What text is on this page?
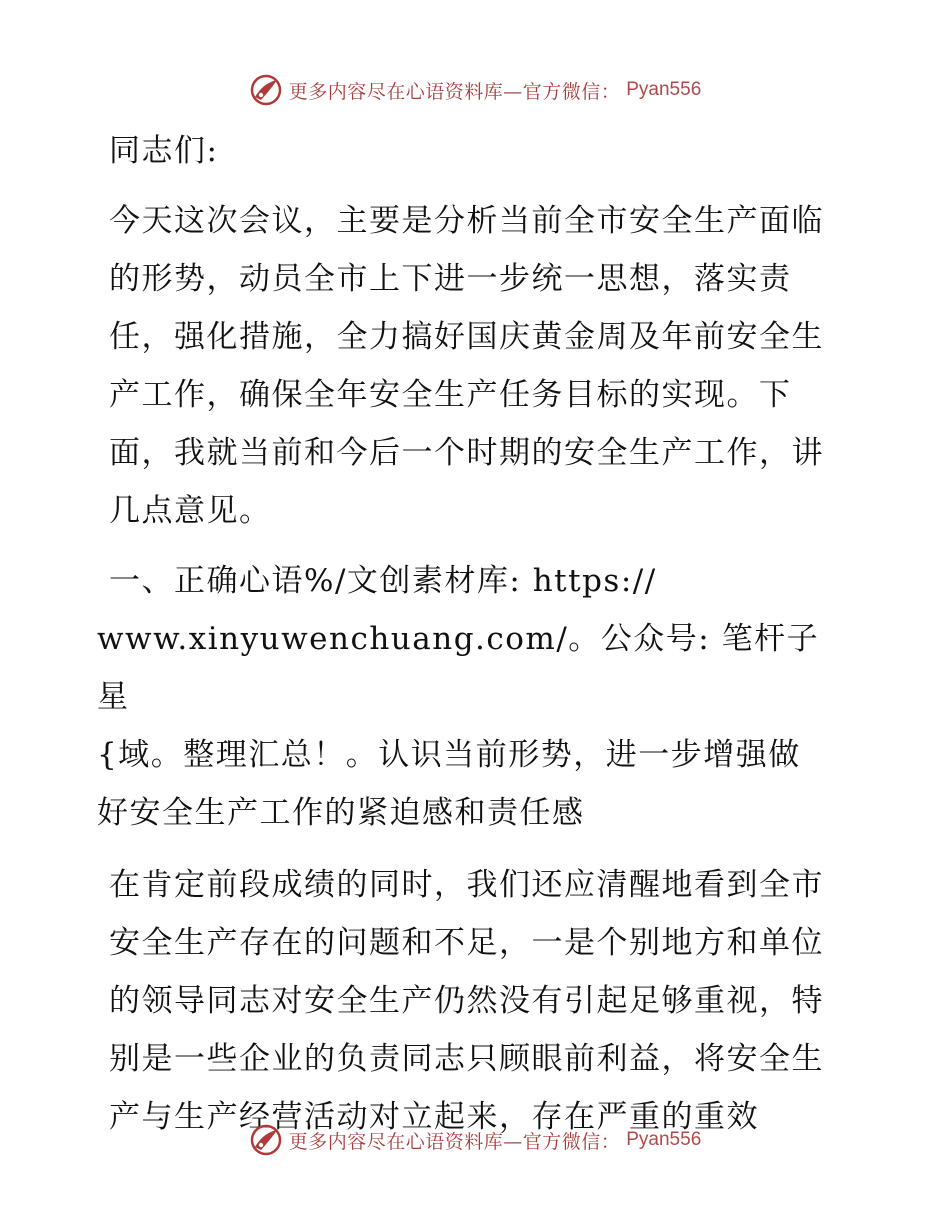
更多内容尽在心语资料库—官方微信： Pyan556

同志们:

今天这次会议，主要是分析当前全市安全生产面临的形势，动员全市上下进一步统一思想，落实责任，强化措施，全力搞好国庆黄金周及年前安全生产工作，确保全年安全生产任务目标的实现。下面，我就当前和今后一个时期的安全生产工作，讲几点意见。

一、正确心语%/文创素材库: https://

www.xinyuwenchuang.com/。公众号: 笔杆子星

{域。整理汇总！。认识当前形势，进一步增强做

好安全生产工作的紧迫感和责任感

在肯定前段成绩的同时，我们还应清醒地看到全市安全生产存在的问题和不足，一是个别地方和单位的领导同志对安全生产仍然没有引起足够重视，特别是一些企业的负责同志只顾眼前利益，将安全生产与生产经营活动对立起来，存在严重的重效

更多内容尽在心语资料库—官方微信： Pyan556
